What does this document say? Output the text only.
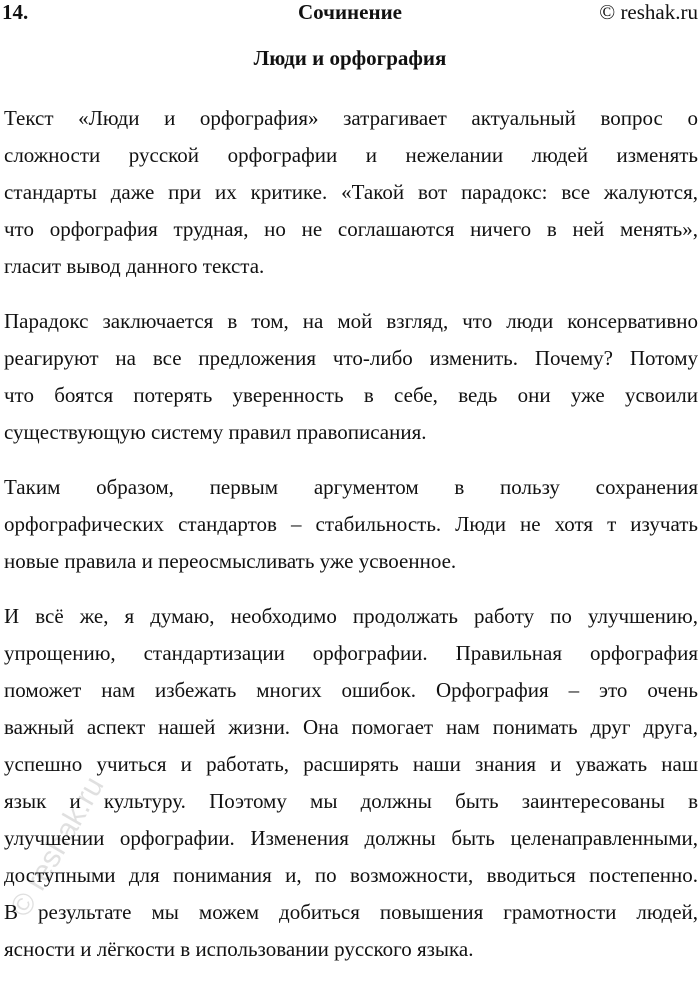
14.	Сочинение	© reshak.ru
Люди и орфография
Текст «Люди и орфография» затрагивает актуальный вопрос о
сложности русской орфографии и нежелании людей изменять
стандарты даже при их критике. «Такой вот парадокс: все жалуются,
что орфография трудная, но не соглашаются ничего в ней менять»,
гласит вывод данного текста.
Парадокс заключается в том, на мой взгляд, что люди консервативно
реагируют на все предложения что-либо изменить. Почему? Потому
что боятся потерять уверенность в себе, ведь они уже усвоили
существующую систему правил правописания.
Таким образом, первым аргументом в пользу сохранения
орфографических стандартов – стабильность. Люди не хотя т изучать
новые правила и переосмысливать уже усвоенное.
И всё же, я думаю, необходимо продолжать работу по улучшению,
упрощению, стандартизации орфографии. Правильная орфография
поможет нам избежать многих ошибок. Орфография – это очень
важный аспект нашей жизни. Она помогает нам понимать друг друга,
успешно учиться и работать, расширять наши знания и уважать наш
язык и культуру. Поэтому мы должны быть заинтересованы в
улучшении орфографии. Изменения должны быть целенаправленными,
доступными для понимания и, по возможности, вводиться постепенно.
В результате мы можем добиться повышения грамотности людей,
ясности и лёгкости в использовании русского языка.
© reshak.ru
